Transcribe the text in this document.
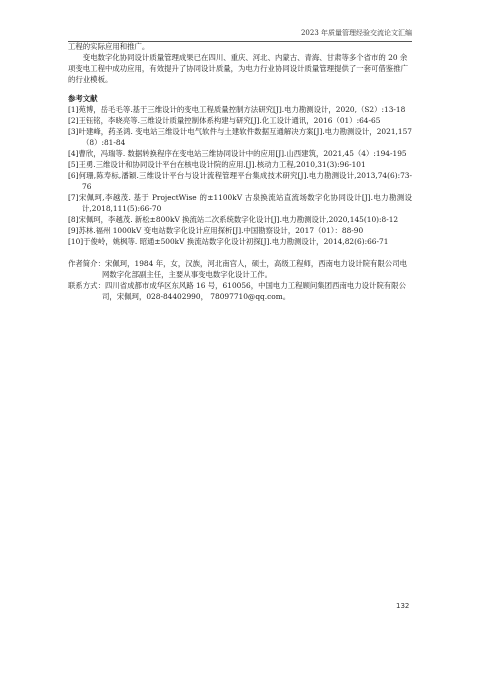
2023 年质量管理经验交流论文汇编

工程的实际应用和推广。

变电数字化协同设计质量管理成果已在四川、重庆、河北、内蒙古、青海、甘肃等多个省市的 20 余项变电工程中成功应用，有效提升了协同设计质量，为电力行业协同设计质量管理提供了一套可借鉴推广的行业模板。

参考文献

[1]苑博，岳毛毛等.基于三维设计的变电工程质量控制方法研究[J].电力勘测设计，2020,（S2）:13-18

[2]王钰铭，李晓亮等.三维设计质量控制体系构建与研究[J].化工设计通讯，2016（01）:64-65

[3]叶建峰，药圣鸿. 变电站三维设计电气软件与土建软件数据互通解决方案[J].电力勘测设计，2021,157（8）:81-84

[4]曹欣，冯瑞等. 数据转换程序在变电站三维协同设计中的应用[J].山西建筑，2021,45（4）:194-195

[5]王勇.三维设计和协同设计平台在核电设计院的应用.[J].核动力工程,2010,31(3):96-101

[6]何珊,陈寿标,潘颖.三维设计平台与设计流程管理平台集成技术研究[J].电力勘测设计,2013,74(6):73-76

[7]宋佩珂,李越茂. 基于 ProjectWise 的±1100kV 古泉换流站直流场数字化协同设计[J].电力勘测设计,2018,111(5):66-70

[8]宋佩珂，李越茂. 新松±800kV 换流站二次系统数字化设计[J].电力勘测设计,2020,145(10):8-12

[9]苏林.福州 1000kV 变电站数字化设计应用探析[J].中国勘察设计，2017（01）：88-90

[10]于俊岭，姚枫等. 昭通±500kV 换流站数字化设计初探[J].电力勘测设计，2014,82(6):66-71

作者简介：宋佩珂，1984 年，女，汉族，河北南宫人，硕士，高级工程师，西南电力设计院有限公司电网数字化部副主任，主要从事变电数字化设计工作。

联系方式：四川省成都市成华区东风路 16 号，610056，中国电力工程顾问集团西南电力设计院有限公司，宋佩珂，028-84402990， 78097710@qq.com。

132
